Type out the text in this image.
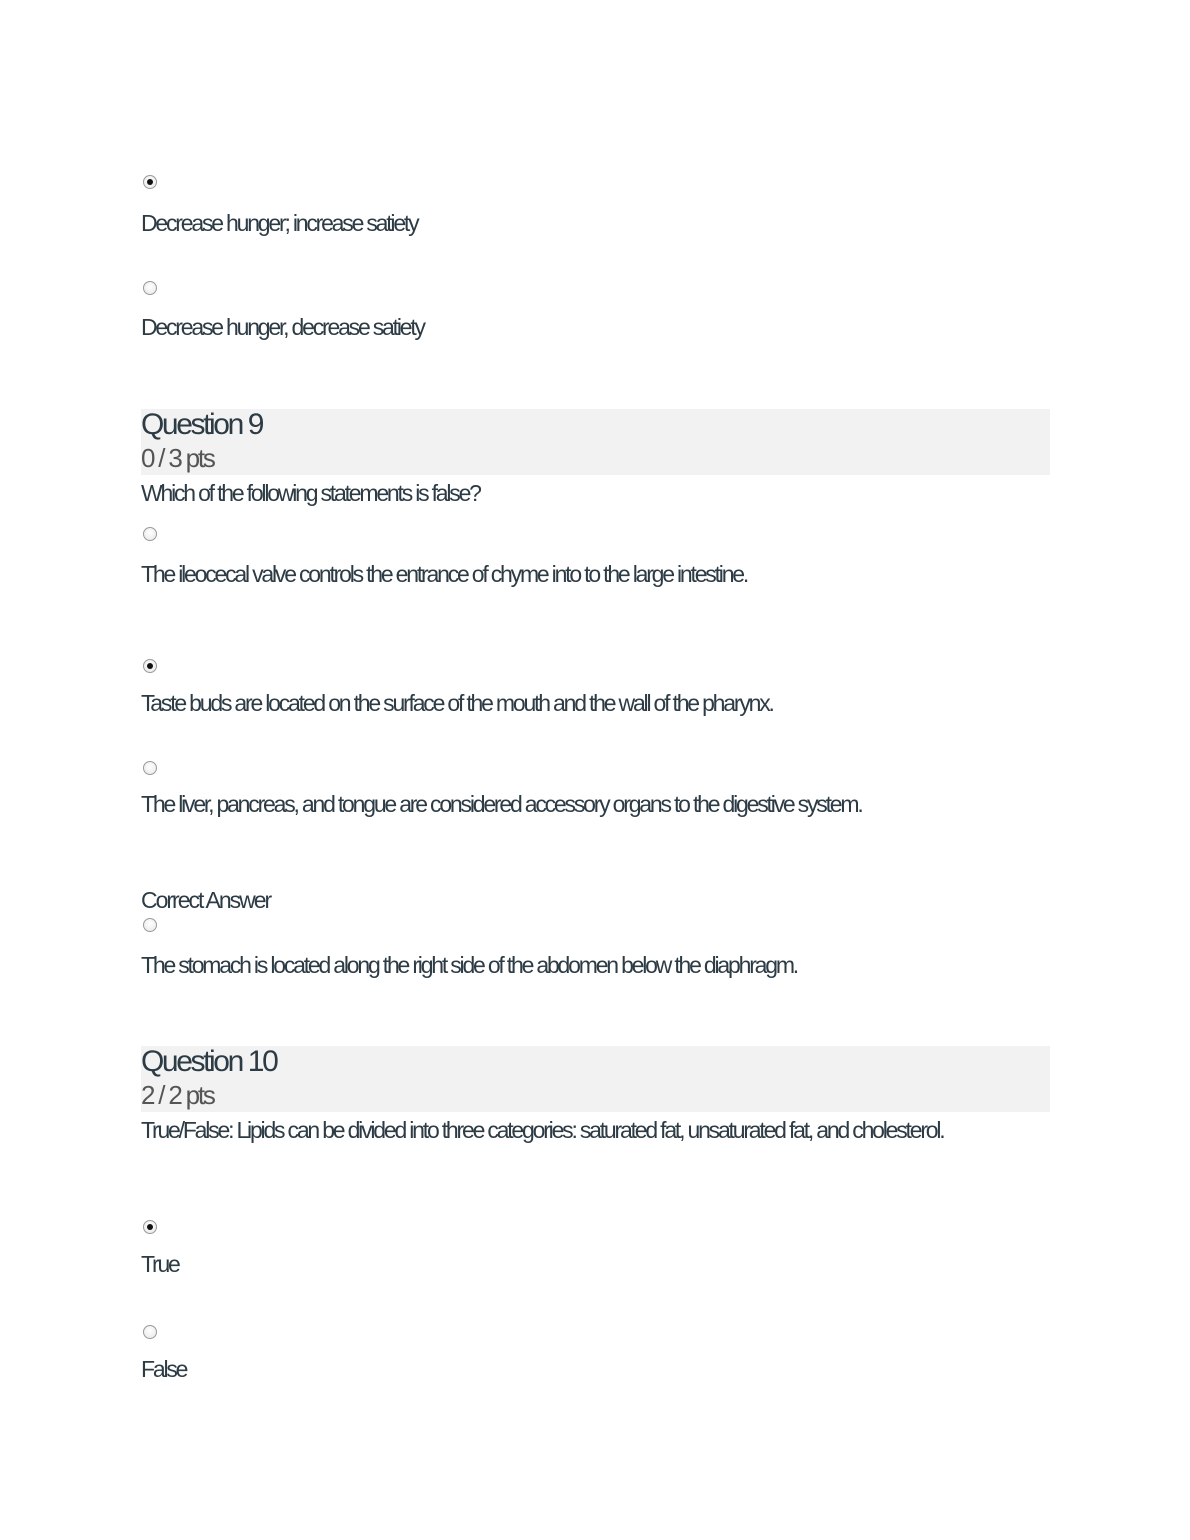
Decrease hunger; increase satiety
Decrease hunger, decrease satiety
Question 9
0 / 3 pts
Which of the following statements is false?
The ileocecal valve controls the entrance of chyme into to the large intestine.
Taste buds are located on the surface of the mouth and the wall of the pharynx.
The liver, pancreas, and tongue are considered accessory organs to the digestive system.
Correct Answer
The stomach is located along the right side of the abdomen below the diaphragm.
Question 10
2 / 2 pts
True/False: Lipids can be divided into three categories: saturated fat, unsaturated fat, and cholesterol.
True
False
